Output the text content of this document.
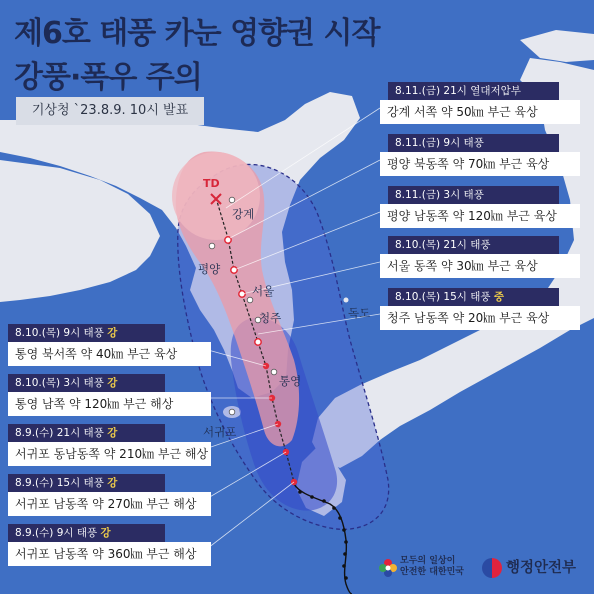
제6호 태풍 카눈 영향권 시작
강풍·폭우 주의
기상청 `23.8.9. 10시 발표
TD
강계
평양
서울
청주	독도
통영
서귀포
8.11.(금) 21시 열대저압부
강계 서쪽 약 50㎞ 부근 육상
8.11.(금) 9시 태풍
평양 북동쪽 약 70㎞ 부근 육상
8.11.(금) 3시 태풍
평양 남동쪽 약 120㎞ 부근 육상
8.10.(목) 21시 태풍
서울 동쪽 약 30㎞ 부근 육상
8.10.(목) 15시 태풍 중
청주 남동쪽 약 20㎞ 부근 육상
8.10.(목) 9시 태풍 강
통영 북서쪽 약 40㎞ 부근 육상
8.10.(목) 3시 태풍 강
통영 남쪽 약 120㎞ 부근 해상
8.9.(수) 21시 태풍 강
서귀포 동남동쪽 약 210㎞ 부근 해상
8.9.(수) 15시 태풍 강
서귀포 남동쪽 약 270㎞ 부근 해상
8.9.(수) 9시 태풍 강
서귀포 남동쪽 약 360㎞ 부근 해상	모두의 일상이
안전한 대한민국	행정안전부
